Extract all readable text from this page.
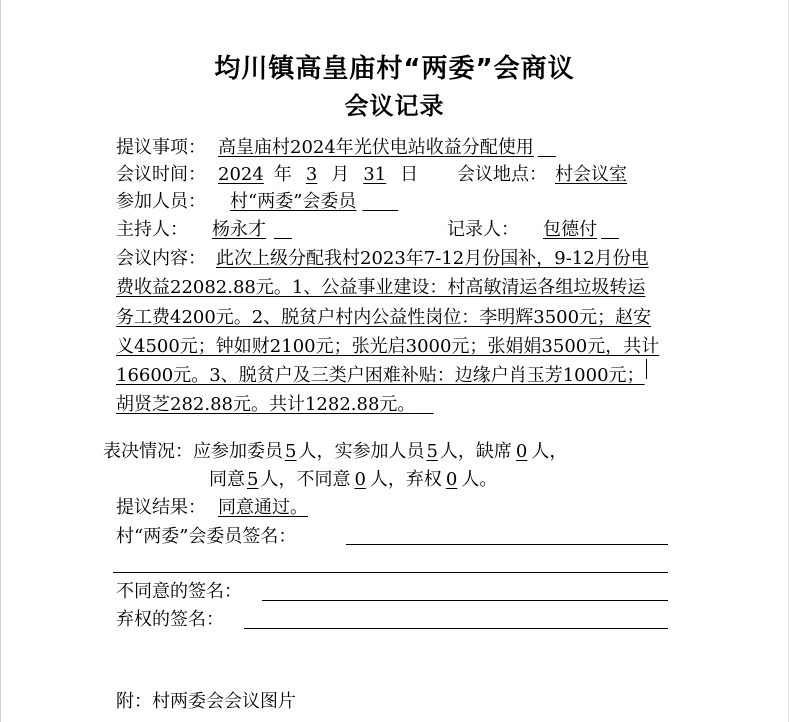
均川镇高皇庙村“两委”会商议
会议记录
提议事项： 高皇庙村2024年光伏电站收益分配使用 
会议时间： 2024 年 3 月 31 日	会议地点： 村会议室
参加人员： 村“两委”会委员  
主持人： 杨永才 	记录人： 包德付 
会议内容： 此次上级分配我村2023年7-12月份国补，9-12月份电费收益22082.88元。1、公益事业建设：村高敏清运各组垃圾转运务工费4200元。2、脱贫户村内公益性岗位：李明辉3500元；赵安义4500元；钟如财2100元；张光启3000元；张娟娟3500元，共计16600元。3、脱贫户及三类户困难补贴：边缘户肖玉芳1000元；胡贤芝282.88元。共计1282.88元。 
表决情况：应参加委员 5 人，实参加人员 5 人，缺席 0 人，
同意 5 人，不同意 0 人，弃权 0 人。
提议结果： 同意通过。
村“两委”会委员签名：
不同意的签名：
弃权的签名：
附：村两委会会议图片
